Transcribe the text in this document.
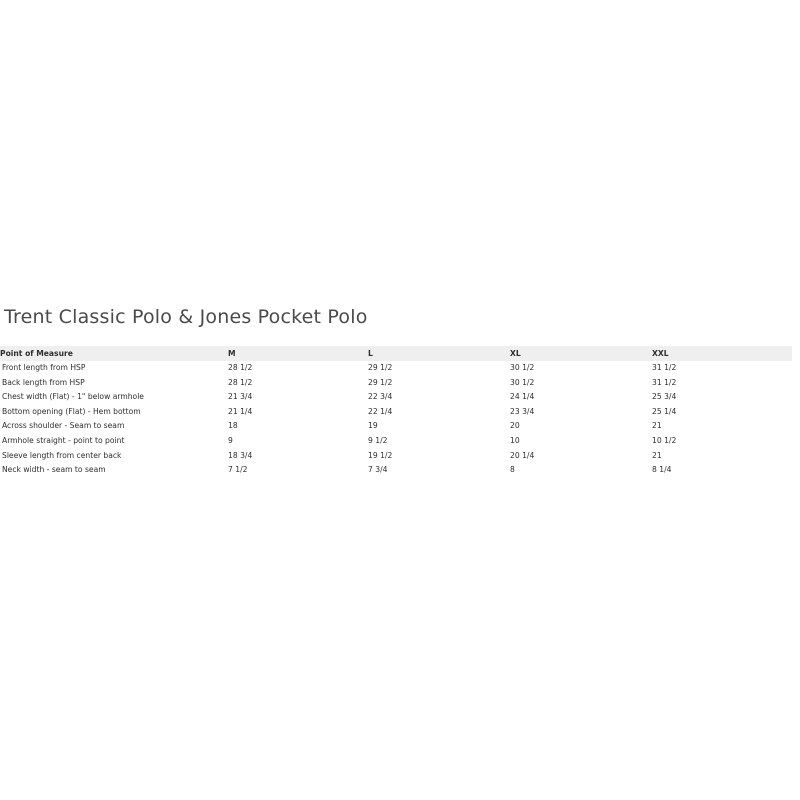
Trent Classic Polo & Jones Pocket Polo
Point of Measure	M	L	XL	XXL
Front length from HSP	28 1/2	29 1/2	30 1/2	31 1/2
Back length from HSP	28 1/2	29 1/2	30 1/2	31 1/2
Chest width (Flat) - 1" below armhole	21 3/4	22 3/4	24 1/4	25 3/4
Bottom opening (Flat) - Hem bottom	21 1/4	22 1/4	23 3/4	25 1/4
Across shoulder - Seam to seam	18	19	20	21
Armhole straight - point to point	9	9 1/2	10	10 1/2
Sleeve length from center back	18 3/4	19 1/2	20 1/4	21
Neck width - seam to seam	7 1/2	7 3/4	8	8 1/4
